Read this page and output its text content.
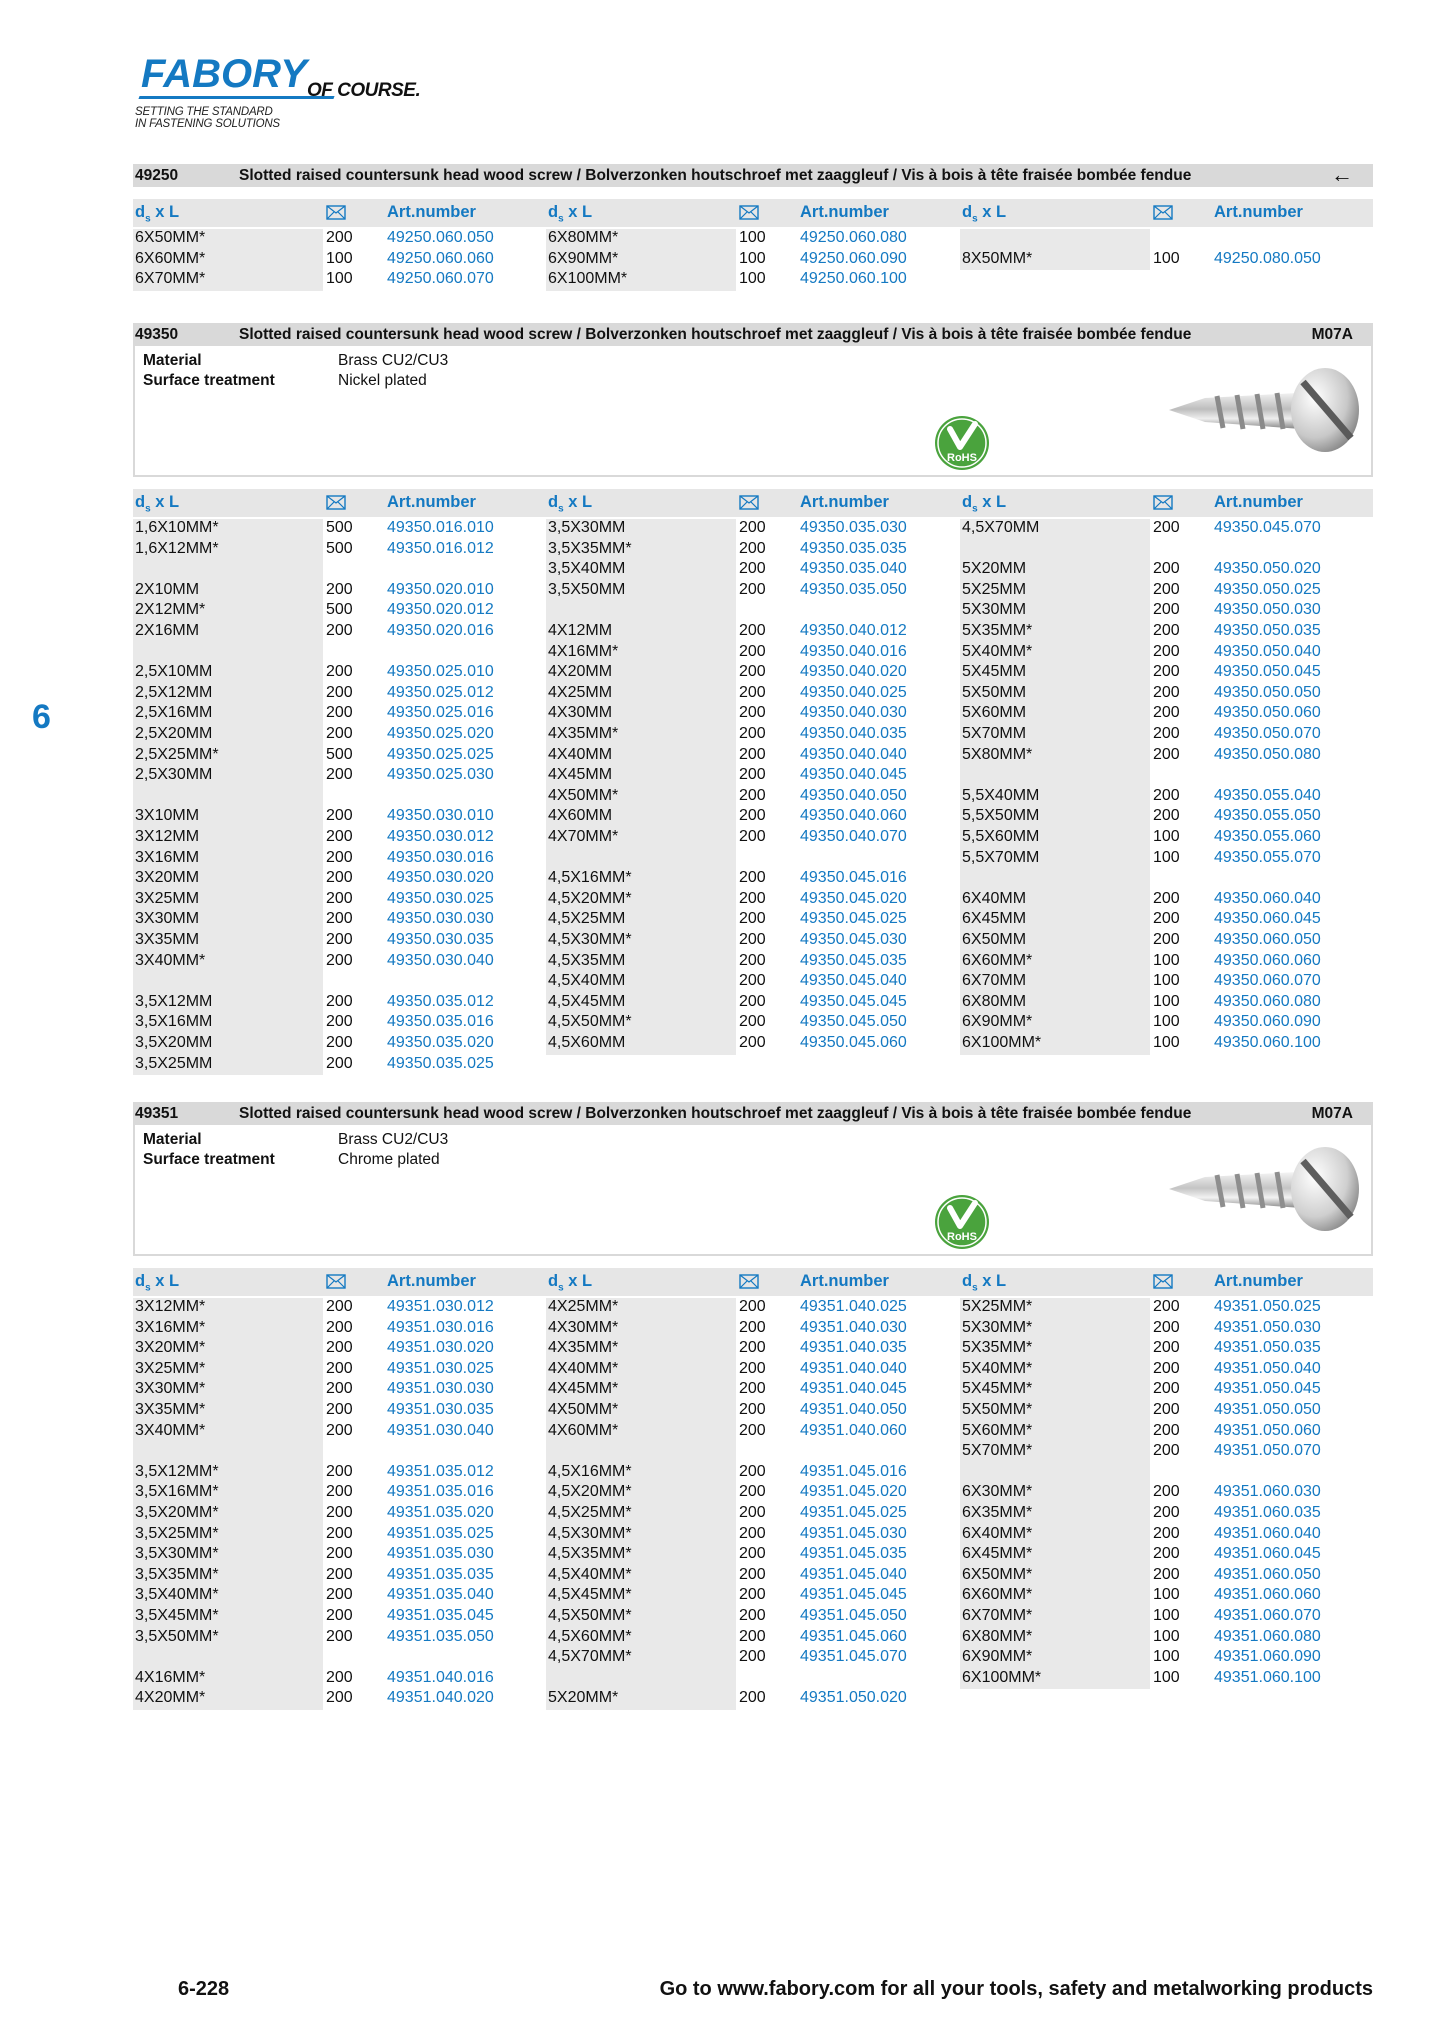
FABORY OF COURSE.
SETTING THE STANDARD
IN FASTENING SOLUTIONS
6
49250	Slotted raised countersunk head wood screw / Bolverzonken houtschroef met zaaggleuf / Vis à bois à tête fraisée bombée fendue	←
$d_s$ x L	Art.number	$d_s$ x L	Art.number	$d_s$ x L	Art.number
6X50MM*	200 49250.060.050
6X60MM*	100 49250.060.060
6X70MM*	100 49250.060.070
6X80MM*	100 49250.060.080
6X90MM*	100 49250.060.090
6X100MM*	100 49250.060.100
8X50MM*	100 49250.080.050
49350	Slotted raised countersunk head wood screw / Bolverzonken houtschroef met zaaggleuf / Vis à bois à tête fraisée bombée fendue	M07A
Material	Brass CU2/CU3
Surface treatment	Nickel plated
RoHS
$d_s$ x L	Art.number	$d_s$ x L	Art.number	$d_s$ x L	Art.number
1,6X10MM*	500 49350.016.010
1,6X12MM*	500 49350.016.012
2X10MM	200 49350.020.010
2X12MM*	500 49350.020.012
2X16MM	200 49350.020.016
2,5X10MM	200 49350.025.010
2,5X12MM	200 49350.025.012
2,5X16MM	200 49350.025.016
2,5X20MM	200 49350.025.020
2,5X25MM*	500 49350.025.025
2,5X30MM	200 49350.025.030
3X10MM	200 49350.030.010
3X12MM	200 49350.030.012
3X16MM	200 49350.030.016
3X20MM	200 49350.030.020
3X25MM	200 49350.030.025
3X30MM	200 49350.030.030
3X35MM	200 49350.030.035
3X40MM*	200 49350.030.040
3,5X12MM	200 49350.035.012
3,5X16MM	200 49350.035.016
3,5X20MM	200 49350.035.020
3,5X25MM	200 49350.035.025
3,5X30MM	200 49350.035.030
3,5X35MM*	200 49350.035.035
3,5X40MM	200 49350.035.040
3,5X50MM	200 49350.035.050
4X12MM	200 49350.040.012
4X16MM*	200 49350.040.016
4X20MM	200 49350.040.020
4X25MM	200 49350.040.025
4X30MM	200 49350.040.030
4X35MM*	200 49350.040.035
4X40MM	200 49350.040.040
4X45MM	200 49350.040.045
4X50MM*	200 49350.040.050
4X60MM	200 49350.040.060
4X70MM*	200 49350.040.070
4,5X16MM*	200 49350.045.016
4,5X20MM*	200 49350.045.020
4,5X25MM	200 49350.045.025
4,5X30MM*	200 49350.045.030
4,5X35MM	200 49350.045.035
4,5X40MM	200 49350.045.040
4,5X45MM	200 49350.045.045
4,5X50MM*	200 49350.045.050
4,5X60MM	200 49350.045.060
4,5X70MM	200 49350.045.070
5X20MM	200 49350.050.020
5X25MM	200 49350.050.025
5X30MM	200 49350.050.030
5X35MM*	200 49350.050.035
5X40MM*	200 49350.050.040
5X45MM	200 49350.050.045
5X50MM	200 49350.050.050
5X60MM	200 49350.050.060
5X70MM	200 49350.050.070
5X80MM*	200 49350.050.080
5,5X40MM	200 49350.055.040
5,5X50MM	200 49350.055.050
5,5X60MM	100 49350.055.060
5,5X70MM	100 49350.055.070
6X40MM	200 49350.060.040
6X45MM	200 49350.060.045
6X50MM	200 49350.060.050
6X60MM*	100 49350.060.060
6X70MM	100 49350.060.070
6X80MM	100 49350.060.080
6X90MM*	100 49350.060.090
6X100MM*	100 49350.060.100
49351	Slotted raised countersunk head wood screw / Bolverzonken houtschroef met zaaggleuf / Vis à bois à tête fraisée bombée fendue	M07A
Material	Brass CU2/CU3
Surface treatment	Chrome plated
RoHS
$d_s$ x L	Art.number	$d_s$ x L	Art.number	$d_s$ x L	Art.number
3X12MM*	200 49351.030.012
3X16MM*	200 49351.030.016
3X20MM*	200 49351.030.020
3X25MM*	200 49351.030.025
3X30MM*	200 49351.030.030
3X35MM*	200 49351.030.035
3X40MM*	200 49351.030.040
3,5X12MM*	200 49351.035.012
3,5X16MM*	200 49351.035.016
3,5X20MM*	200 49351.035.020
3,5X25MM*	200 49351.035.025
3,5X30MM*	200 49351.035.030
3,5X35MM*	200 49351.035.035
3,5X40MM*	200 49351.035.040
3,5X45MM*	200 49351.035.045
3,5X50MM*	200 49351.035.050
4X16MM*	200 49351.040.016
4X20MM*	200 49351.040.020
4X25MM*	200 49351.040.025
4X30MM*	200 49351.040.030
4X35MM*	200 49351.040.035
4X40MM*	200 49351.040.040
4X45MM*	200 49351.040.045
4X50MM*	200 49351.040.050
4X60MM*	200 49351.040.060
4,5X16MM*	200 49351.045.016
4,5X20MM*	200 49351.045.020
4,5X25MM*	200 49351.045.025
4,5X30MM*	200 49351.045.030
4,5X35MM*	200 49351.045.035
4,5X40MM*	200 49351.045.040
4,5X45MM*	200 49351.045.045
4,5X50MM*	200 49351.045.050
4,5X60MM*	200 49351.045.060
4,5X70MM*	200 49351.045.070
5X20MM*	200 49351.050.020
5X25MM*	200 49351.050.025
5X30MM*	200 49351.050.030
5X35MM*	200 49351.050.035
5X40MM*	200 49351.050.040
5X45MM*	200 49351.050.045
5X50MM*	200 49351.050.050
5X60MM*	200 49351.050.060
5X70MM*	200 49351.050.070
6X30MM*	200 49351.060.030
6X35MM*	200 49351.060.035
6X40MM*	200 49351.060.040
6X45MM*	200 49351.060.045
6X50MM*	200 49351.060.050
6X60MM*	100 49351.060.060
6X70MM*	100 49351.060.070
6X80MM*	100 49351.060.080
6X90MM*	100 49351.060.090
6X100MM*	100 49351.060.100
6-228	Go to www.fabory.com for all your tools, safety and metalworking products
